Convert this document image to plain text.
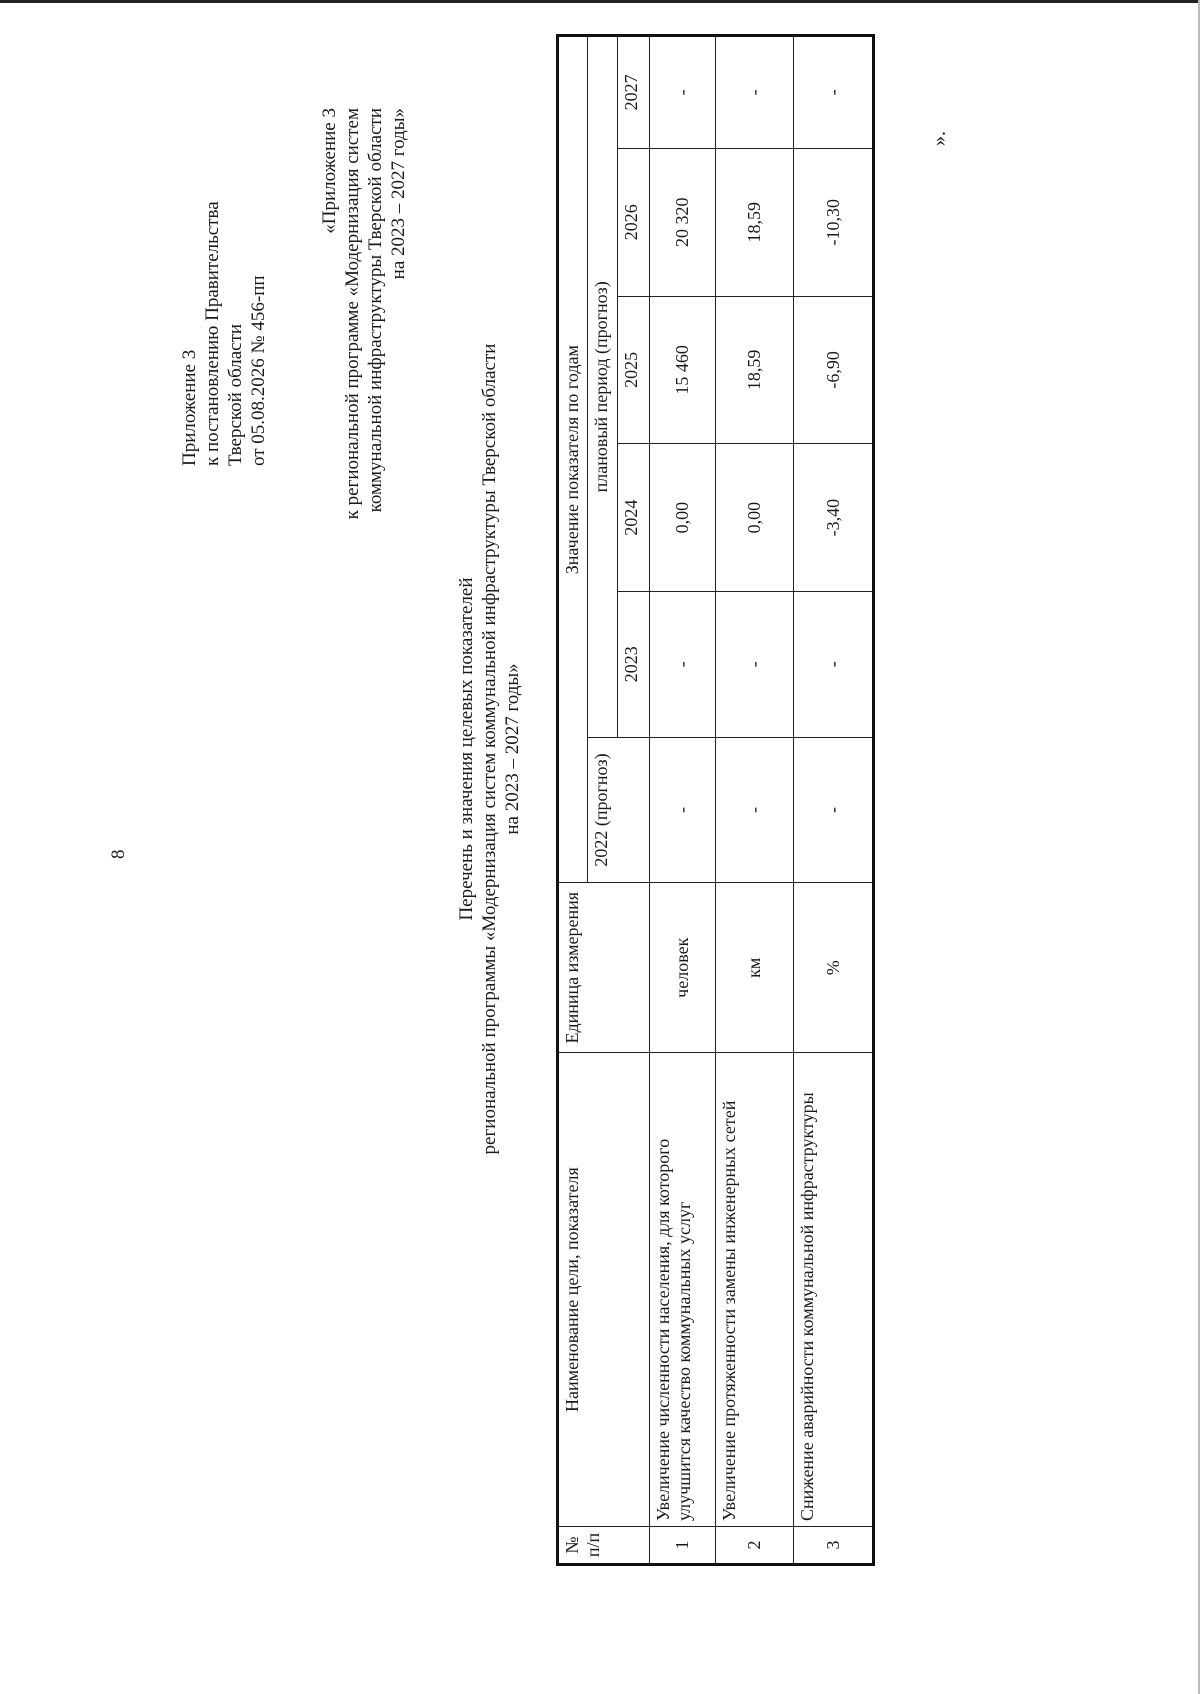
8
Приложение 3 к постановлению Правительства Тверской области от 05.08.2026 № 456-пп
«Приложение 3 к региональной программе «Модернизация систем коммунальной инфраструктуры Тверской области на 2023 – 2027 годы»
Перечень и значения целевых показателей региональной программы «Модернизация систем коммунальной инфраструктуры Тверской области на 2023 – 2027 годы»
№ п/п	Наименование цели, показателя	Единица измерения	Значение показателя по годам					
			2022 (прогноз)	плановый период (прогноз)				
				2023	2024	2025	2026	2027
1	Увеличение численности населения, для которого улучшится качество коммунальных услуг	человек	-	-	0,00	15 460	20 320	-
2	Увеличение протяженности замены инженерных сетей	км	-	-	0,00	18,59	18,59	-
3	Снижение аварийности коммунальной инфраструктуры	%	-	-	-3,40	-6,90	-10,30	-
».
